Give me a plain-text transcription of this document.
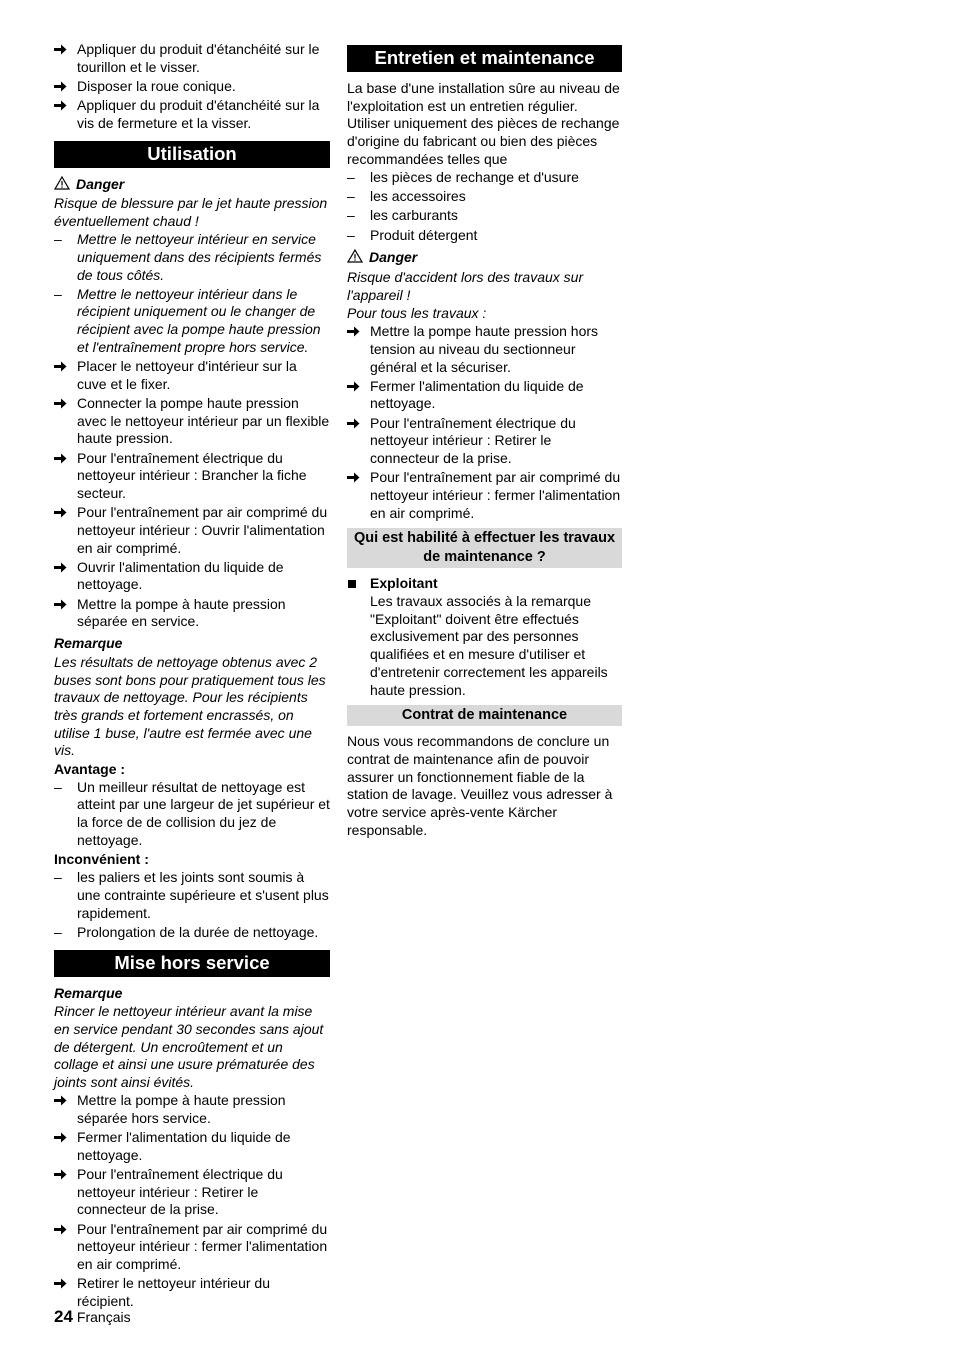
Appliquer du produit d'étanchéité sur le tourillon et le visser.
Disposer la roue conique.
Appliquer du produit d'étanchéité sur la vis de fermeture et la visser.
Utilisation
Danger
Risque de blessure par le jet haute pression éventuellement chaud !
–	Mettre le nettoyeur intérieur en service uniquement dans des récipients fermés de tous côtés.
–	Mettre le nettoyeur intérieur dans le récipient uniquement ou le changer de récipient avec la pompe haute pression et l'entraînement propre hors service.
Placer le nettoyeur d'intérieur sur la cuve et le fixer.
Connecter la pompe haute pression avec le nettoyeur intérieur par un flexible haute pression.
Pour l'entraînement électrique du nettoyeur intérieur : Brancher la fiche secteur.
Pour l'entraînement par air comprimé du nettoyeur intérieur : Ouvrir l'alimentation en air comprimé.
Ouvrir l'alimentation du liquide de nettoyage.
Mettre la pompe à haute pression séparée en service.
Remarque
Les résultats de nettoyage obtenus avec 2 buses sont bons pour pratiquement tous les travaux de nettoyage. Pour les récipients très grands et fortement encrassés, on utilise 1 buse, l'autre est fermée avec une vis.
Avantage :
–	Un meilleur résultat de nettoyage est atteint par une largeur de jet supérieur et la force de de collision du jez de nettoyage.
Inconvénient :
–	les paliers et les joints sont soumis à une contrainte supérieure et s'usent plus rapidement.
–	Prolongation de la durée de nettoyage.
Mise hors service
Remarque
Rincer le nettoyeur intérieur avant la mise en service pendant 30 secondes sans ajout de détergent. Un encroûtement et un collage et ainsi une usure prématurée des joints sont ainsi évités.
Mettre la pompe à haute pression séparée hors service.
Fermer l'alimentation du liquide de nettoyage.
Pour l'entraînement électrique du nettoyeur intérieur : Retirer le connecteur de la prise.
Pour l'entraînement par air comprimé du nettoyeur intérieur : fermer l'alimentation en air comprimé.
Retirer le nettoyeur intérieur du récipient.
Entretien et maintenance
La base d'une installation sûre au niveau de l'exploitation est un entretien régulier. Utiliser uniquement des pièces de rechange d'origine du fabricant ou bien des pièces recommandées telles que
–	les pièces de rechange et d'usure
–	les accessoires
–	les carburants
–	Produit détergent
Danger
Risque d'accident lors des travaux sur l'appareil !
Pour tous les travaux :
Mettre la pompe haute pression hors tension au niveau du sectionneur général et la sécuriser.
Fermer l'alimentation du liquide de nettoyage.
Pour l'entraînement électrique du nettoyeur intérieur : Retirer le connecteur de la prise.
Pour l'entraînement par air comprimé du nettoyeur intérieur : fermer l'alimentation en air comprimé.
Qui est habilité à effectuer les travaux de maintenance ?
Exploitant
Les travaux associés à la remarque "Exploitant" doivent être effectués exclusivement par des personnes qualifiées et en mesure d'utiliser et d'entretenir correctement les appareils haute pression.
Contrat de maintenance
Nous vous recommandons de conclure un contrat de maintenance afin de pouvoir assurer un fonctionnement fiable de la station de lavage. Veuillez vous adresser à votre service après-vente Kärcher responsable.
24 Français
